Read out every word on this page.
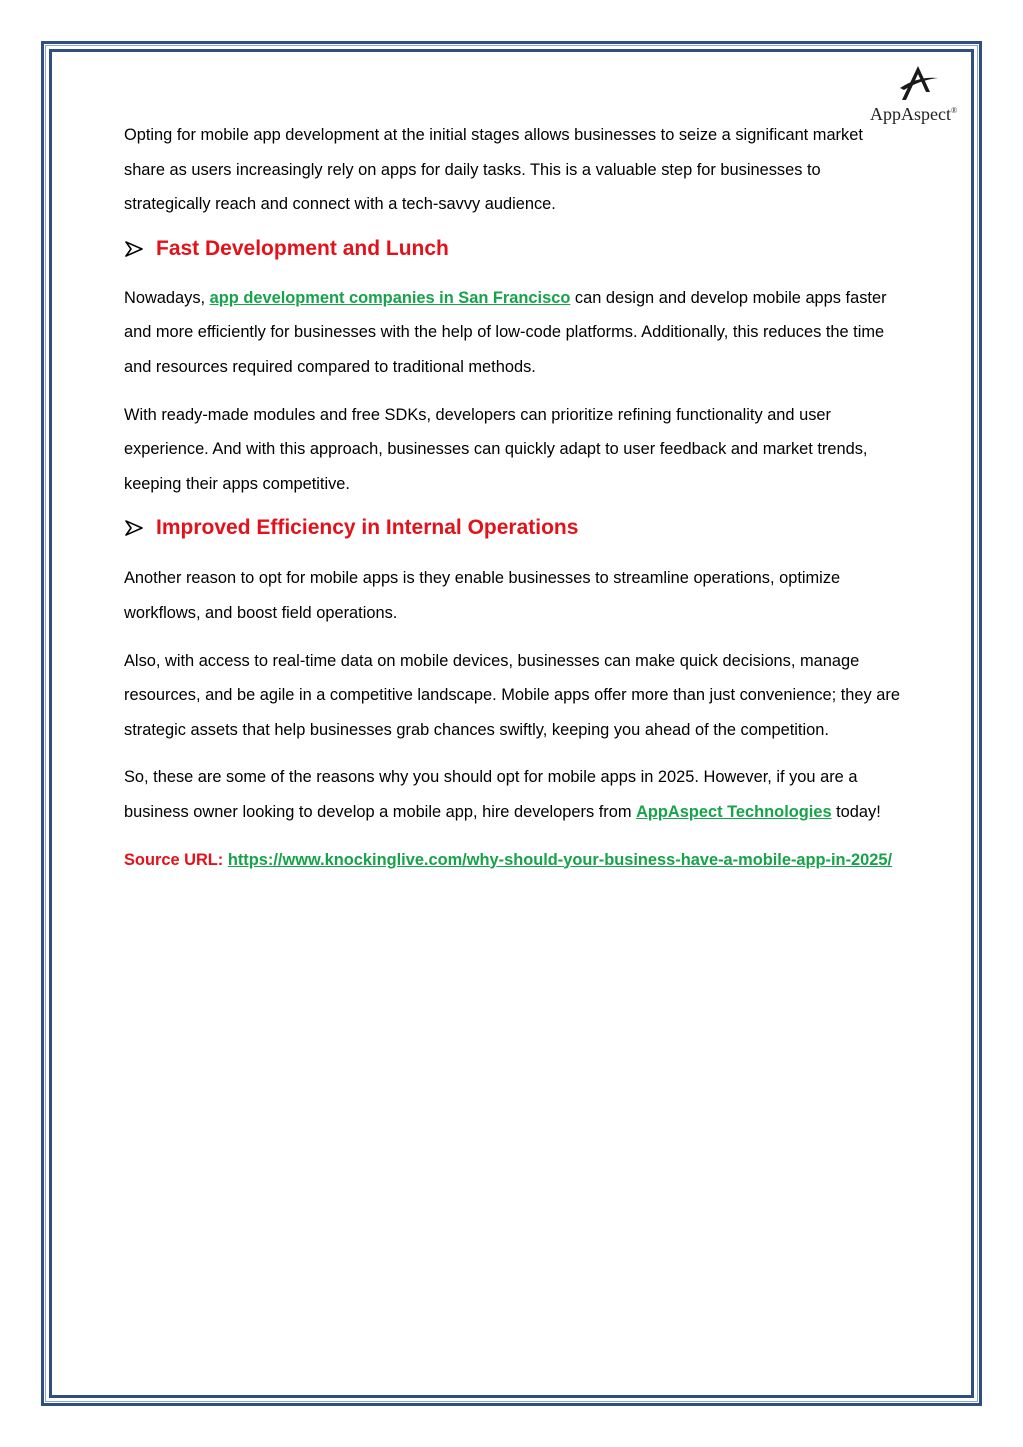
AppAspect®

Opting for mobile app development at the initial stages allows businesses to seize a significant market share as users increasingly rely on apps for daily tasks. This is a valuable step for businesses to strategically reach and connect with a tech-savvy audience.

Fast Development and Lunch

Nowadays, app development companies in San Francisco can design and develop mobile apps faster and more efficiently for businesses with the help of low-code platforms. Additionally, this reduces the time and resources required compared to traditional methods.

With ready-made modules and free SDKs, developers can prioritize refining functionality and user experience. And with this approach, businesses can quickly adapt to user feedback and market trends, keeping their apps competitive.

Improved Efficiency in Internal Operations

Another reason to opt for mobile apps is they enable businesses to streamline operations, optimize workflows, and boost field operations.

Also, with access to real-time data on mobile devices, businesses can make quick decisions, manage resources, and be agile in a competitive landscape. Mobile apps offer more than just convenience; they are strategic assets that help businesses grab chances swiftly, keeping you ahead of the competition.

So, these are some of the reasons why you should opt for mobile apps in 2025. However, if you are a business owner looking to develop a mobile app, hire developers from AppAspect Technologies today!

Source URL: https://www.knockinglive.com/why-should-your-business-have-a-mobile-app-in-2025/
